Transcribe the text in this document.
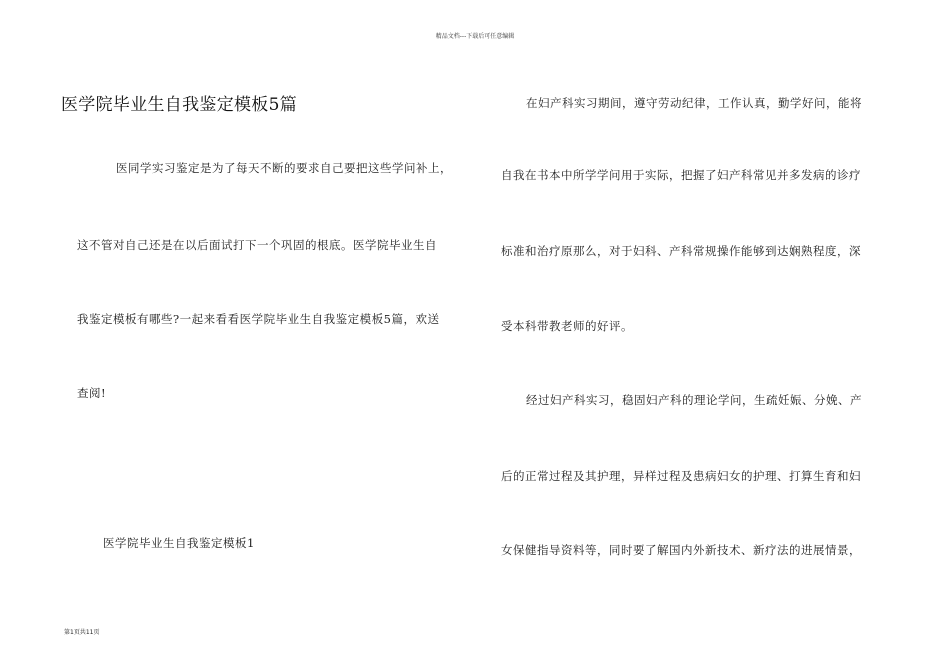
精品文档---下载后可任意编辑
医学院毕业生自我鉴定模板5篇
医同学实习鉴定是为了每天不断的要求自己要把这些学问补上，
这不管对自己还是在以后面试打下一个巩固的根底。医学院毕业生自
我鉴定模板有哪些?一起来看看医学院毕业生自我鉴定模板5篇，欢送
查阅!
医学院毕业生自我鉴定模板1
在妇产科实习期间，遵守劳动纪律，工作认真，勤学好问，能将
自我在书本中所学学问用于实际，把握了妇产科常见并多发病的诊疗
标准和治疗原那么，对于妇科、产科常规操作能够到达娴熟程度，深
受本科带教老师的好评。
经过妇产科实习，稳固妇产科的理论学问，生疏妊娠、分娩、产
后的正常过程及其护理，异样过程及患病妇女的护理、打算生育和妇
女保健指导资料等，同时要了解国内外新技术、新疗法的进展情景，
第1页共11页
